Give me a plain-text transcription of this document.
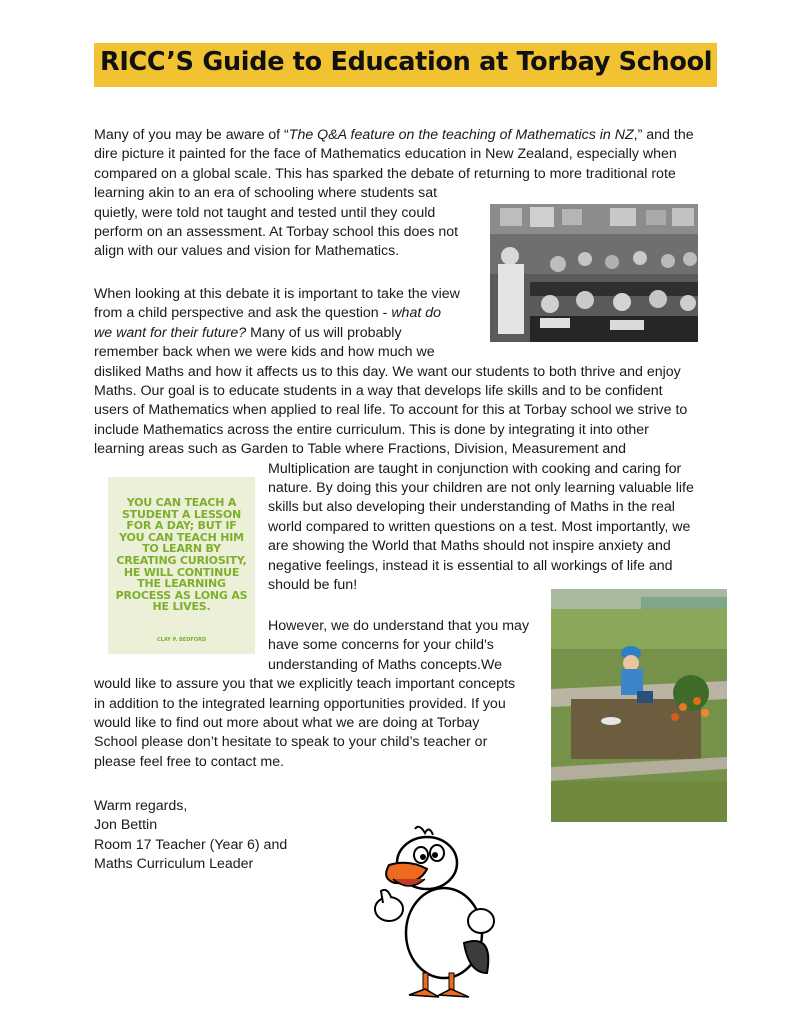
RICC’S Guide to Education at Torbay School
Many of you may be aware of “The Q&A feature on the teaching of Mathematics in NZ,” and the
dire picture it painted for the face of Mathematics education in New Zealand, especially when
compared on a global scale. This has sparked the debate of returning to more traditional rote
learning akin to an era of schooling where students sat
quietly, were told not taught and tested until they could
perform on an assessment. At Torbay school this does not
align with our values and vision for Mathematics.
When looking at this debate it is important to take the view
from a child perspective and ask the question - what do
we want for their future? Many of us will probably
remember back when we were kids and how much we
disliked Maths and how it affects us to this day. We want our students to both thrive and enjoy
Maths. Our goal is to educate students in a way that develops life skills and to be confident
users of Mathematics when applied to real life. To account for this at Torbay school we strive to
include Mathematics across the entire curriculum. This is done by integrating it into other
learning areas such as Garden to Table where Fractions, Division, Measurement and
Multiplication are taught in conjunction with cooking and caring for
nature. By doing this your children are not only learning valuable life
skills but also developing their understanding of Maths in the real
world compared to written questions on a test. Most importantly, we
are showing the World that Maths should not inspire anxiety and
negative feelings, instead it is essential to all workings of life and
should be fun!
However, we do understand that you may
have some concerns for your child's
understanding of Maths concepts.We
would like to assure you that we explicitly teach important concepts
in addition to the integrated learning opportunities provided. If you
would like to find out more about what we are doing at Torbay
School please don’t hesitate to speak to your child’s teacher or
please feel free to contact me.
Warm regards,
Jon Bettin
Room 17 Teacher (Year 6) and
Maths Curriculum Leader
YOU CAN TEACH A
STUDENT A LESSON
FOR A DAY; BUT IF
YOU CAN TEACH HIM
TO LEARN BY
CREATING CURIOSITY,
HE WILL CONTINUE
THE LEARNING
PROCESS AS LONG AS
HE LIVES.
CLAY P. BEDFORD
